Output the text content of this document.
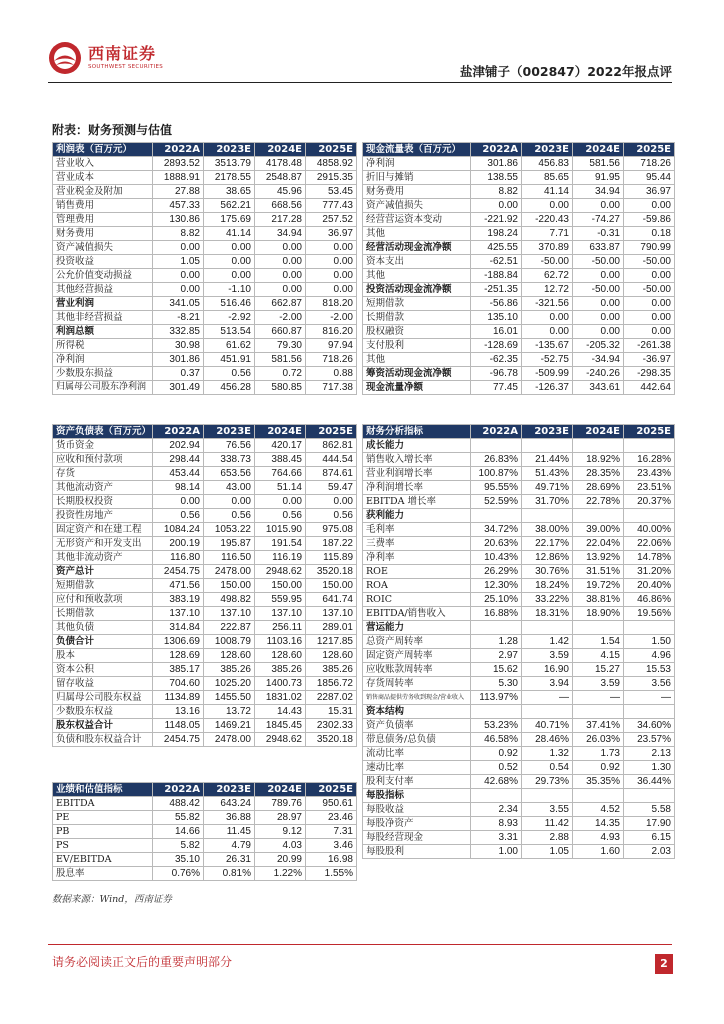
西南证券
SOUTHWEST SECURITIES	盐津铺子（002847）2022年报点评
附表：财务预测与估值
利润表（百万元）	2022A	2023E	2024E	2025E
营业收入	2893.52	3513.79	4178.48	4858.92
营业成本	1888.91	2178.55	2548.87	2915.35
营业税金及附加	27.88	38.65	45.96	53.45
销售费用	457.33	562.21	668.56	777.43
管理费用	130.86	175.69	217.28	257.52
财务费用	8.82	41.14	34.94	36.97
资产减值损失	0.00	0.00	0.00	0.00
投资收益	1.05	0.00	0.00	0.00
公允价值变动损益	0.00	0.00	0.00	0.00
其他经营损益	0.00	-1.10	0.00	0.00
营业利润	341.05	516.46	662.87	818.20
其他非经营损益	-8.21	-2.92	-2.00	-2.00
利润总额	332.85	513.54	660.87	816.20
所得税	30.98	61.62	79.30	97.94
净利润	301.86	451.91	581.56	718.26
少数股东损益	0.37	0.56	0.72	0.88
归属母公司股东净利润	301.49	456.28	580.85	717.38
现金流量表（百万元）	2022A	2023E	2024E	2025E
净利润	301.86	456.83	581.56	718.26
折旧与摊销	138.55	85.65	91.95	95.44
财务费用	8.82	41.14	34.94	36.97
资产减值损失	0.00	0.00	0.00	0.00
经营营运资本变动	-221.92	-220.43	-74.27	-59.86
其他	198.24	7.71	-0.31	0.18
经营活动现金流净额	425.55	370.89	633.87	790.99
资本支出	-62.51	-50.00	-50.00	-50.00
其他	-188.84	62.72	0.00	0.00
投资活动现金流净额	-251.35	12.72	-50.00	-50.00
短期借款	-56.86	-321.56	0.00	0.00
长期借款	135.10	0.00	0.00	0.00
股权融资	16.01	0.00	0.00	0.00
支付股利	-128.69	-135.67	-205.32	-261.38
其他	-62.35	-52.75	-34.94	-36.97
筹资活动现金流净额	-96.78	-509.99	-240.26	-298.35
现金流量净额	77.45	-126.37	343.61	442.64
资产负债表（百万元）	2022A	2023E	2024E	2025E
货币资金	202.94	76.56	420.17	862.81
应收和预付款项	298.44	338.73	388.45	444.54
存货	453.44	653.56	764.66	874.61
其他流动资产	98.14	43.00	51.14	59.47
长期股权投资	0.00	0.00	0.00	0.00
投资性房地产	0.56	0.56	0.56	0.56
固定资产和在建工程	1084.24	1053.22	1015.90	975.08
无形资产和开发支出	200.19	195.87	191.54	187.22
其他非流动资产	116.80	116.50	116.19	115.89
资产总计	2454.75	2478.00	2948.62	3520.18
短期借款	471.56	150.00	150.00	150.00
应付和预收款项	383.19	498.82	559.95	641.74
长期借款	137.10	137.10	137.10	137.10
其他负债	314.84	222.87	256.11	289.01
负债合计	1306.69	1008.79	1103.16	1217.85
股本	128.69	128.60	128.60	128.60
资本公积	385.17	385.26	385.26	385.26
留存收益	704.60	1025.20	1400.73	1856.72
归属母公司股东权益	1134.89	1455.50	1831.02	2287.02
少数股东权益	13.16	13.72	14.43	15.31
股东权益合计	1148.05	1469.21	1845.45	2302.33
负债和股东权益合计	2454.75	2478.00	2948.62	3520.18
财务分析指标	2022A	2023E	2024E	2025E
成长能力				
销售收入增长率	26.83%	21.44%	18.92%	16.28%
营业利润增长率	100.87%	51.43%	28.35%	23.43%
净利润增长率	95.55%	49.71%	28.69%	23.51%
EBITDA 增长率	52.59%	31.70%	22.78%	20.37%
获利能力				
毛利率	34.72%	38.00%	39.00%	40.00%
三费率	20.63%	22.17%	22.04%	22.06%
净利率	10.43%	12.86%	13.92%	14.78%
ROE	26.29%	30.76%	31.51%	31.20%
ROA	12.30%	18.24%	19.72%	20.40%
ROIC	25.10%	33.22%	38.81%	46.86%
EBITDA/销售收入	16.88%	18.31%	18.90%	19.56%
营运能力				
总资产周转率	1.28	1.42	1.54	1.50
固定资产周转率	2.97	3.59	4.15	4.96
应收账款周转率	15.62	16.90	15.27	15.53
存货周转率	5.30	3.94	3.59	3.56
销售商品提供劳务收到现金/营业收入	113.97%	—	—	—
资本结构				
资产负债率	53.23%	40.71%	37.41%	34.60%
带息债务/总负债	46.58%	28.46%	26.03%	23.57%
流动比率	0.92	1.32	1.73	2.13
速动比率	0.52	0.54	0.92	1.30
股利支付率	42.68%	29.73%	35.35%	36.44%
每股指标				
每股收益	2.34	3.55	4.52	5.58
每股净资产	8.93	11.42	14.35	17.90
每股经营现金	3.31	2.88	4.93	6.15
每股股利	1.00	1.05	1.60	2.03
业绩和估值指标	2022A	2023E	2024E	2025E
EBITDA	488.42	643.24	789.76	950.61
PE	55.82	36.88	28.97	23.46
PB	14.66	11.45	9.12	7.31
PS	5.82	4.79	4.03	3.46
EV/EBITDA	35.10	26.31	20.99	16.98
股息率	0.76%	0.81%	1.22%	1.55%
数据来源：Wind，西南证券
请务必阅读正文后的重要声明部分	2
